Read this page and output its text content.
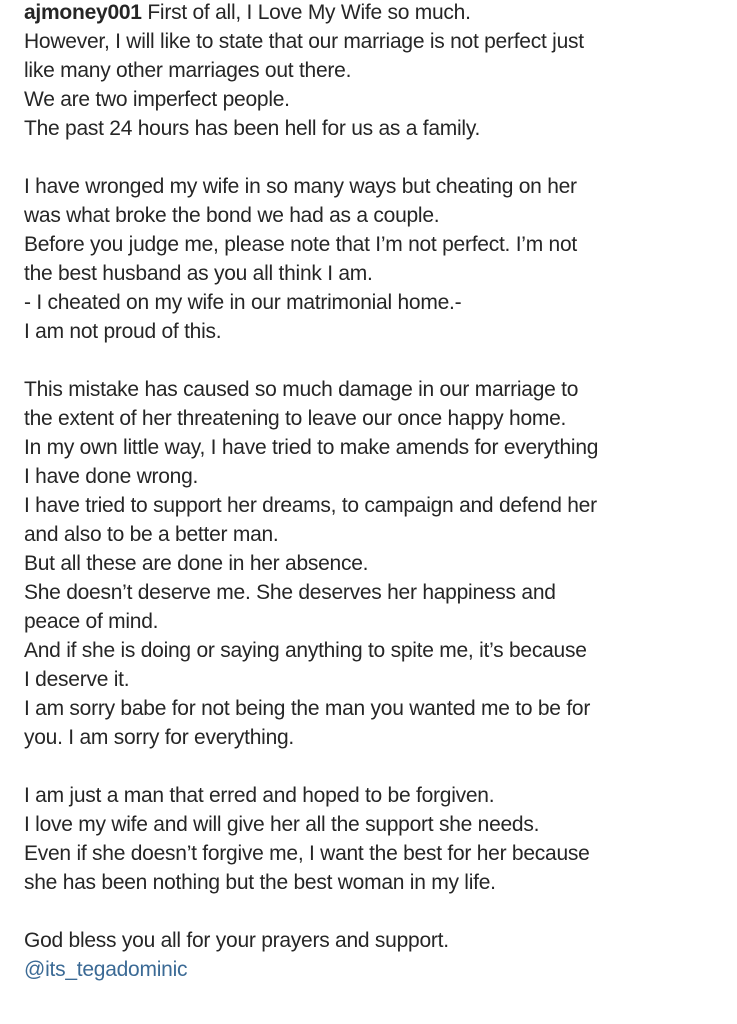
ajmoney001 First of all, I Love My Wife so much.
However, I will like to state that our marriage is not perfect just
like many other marriages out there.
We are two imperfect people.
The past 24 hours has been hell for us as a family.
I have wronged my wife in so many ways but cheating on her
was what broke the bond we had as a couple.
Before you judge me, please note that I’m not perfect. I’m not
the best husband as you all think I am.
- I cheated on my wife in our matrimonial home.-
I am not proud of this.
This mistake has caused so much damage in our marriage to
the extent of her threatening to leave our once happy home.
In my own little way, I have tried to make amends for everything
I have done wrong.
I have tried to support her dreams, to campaign and defend her
and also to be a better man.
But all these are done in her absence.
She doesn’t deserve me. She deserves her happiness and
peace of mind.
And if she is doing or saying anything to spite me, it’s because
I deserve it.
I am sorry babe for not being the man you wanted me to be for
you. I am sorry for everything.
I am just a man that erred and hoped to be forgiven.
I love my wife and will give her all the support she needs.
Even if she doesn’t forgive me, I want the best for her because
she has been nothing but the best woman in my life.
God bless you all for your prayers and support.
@its_tegadominic
